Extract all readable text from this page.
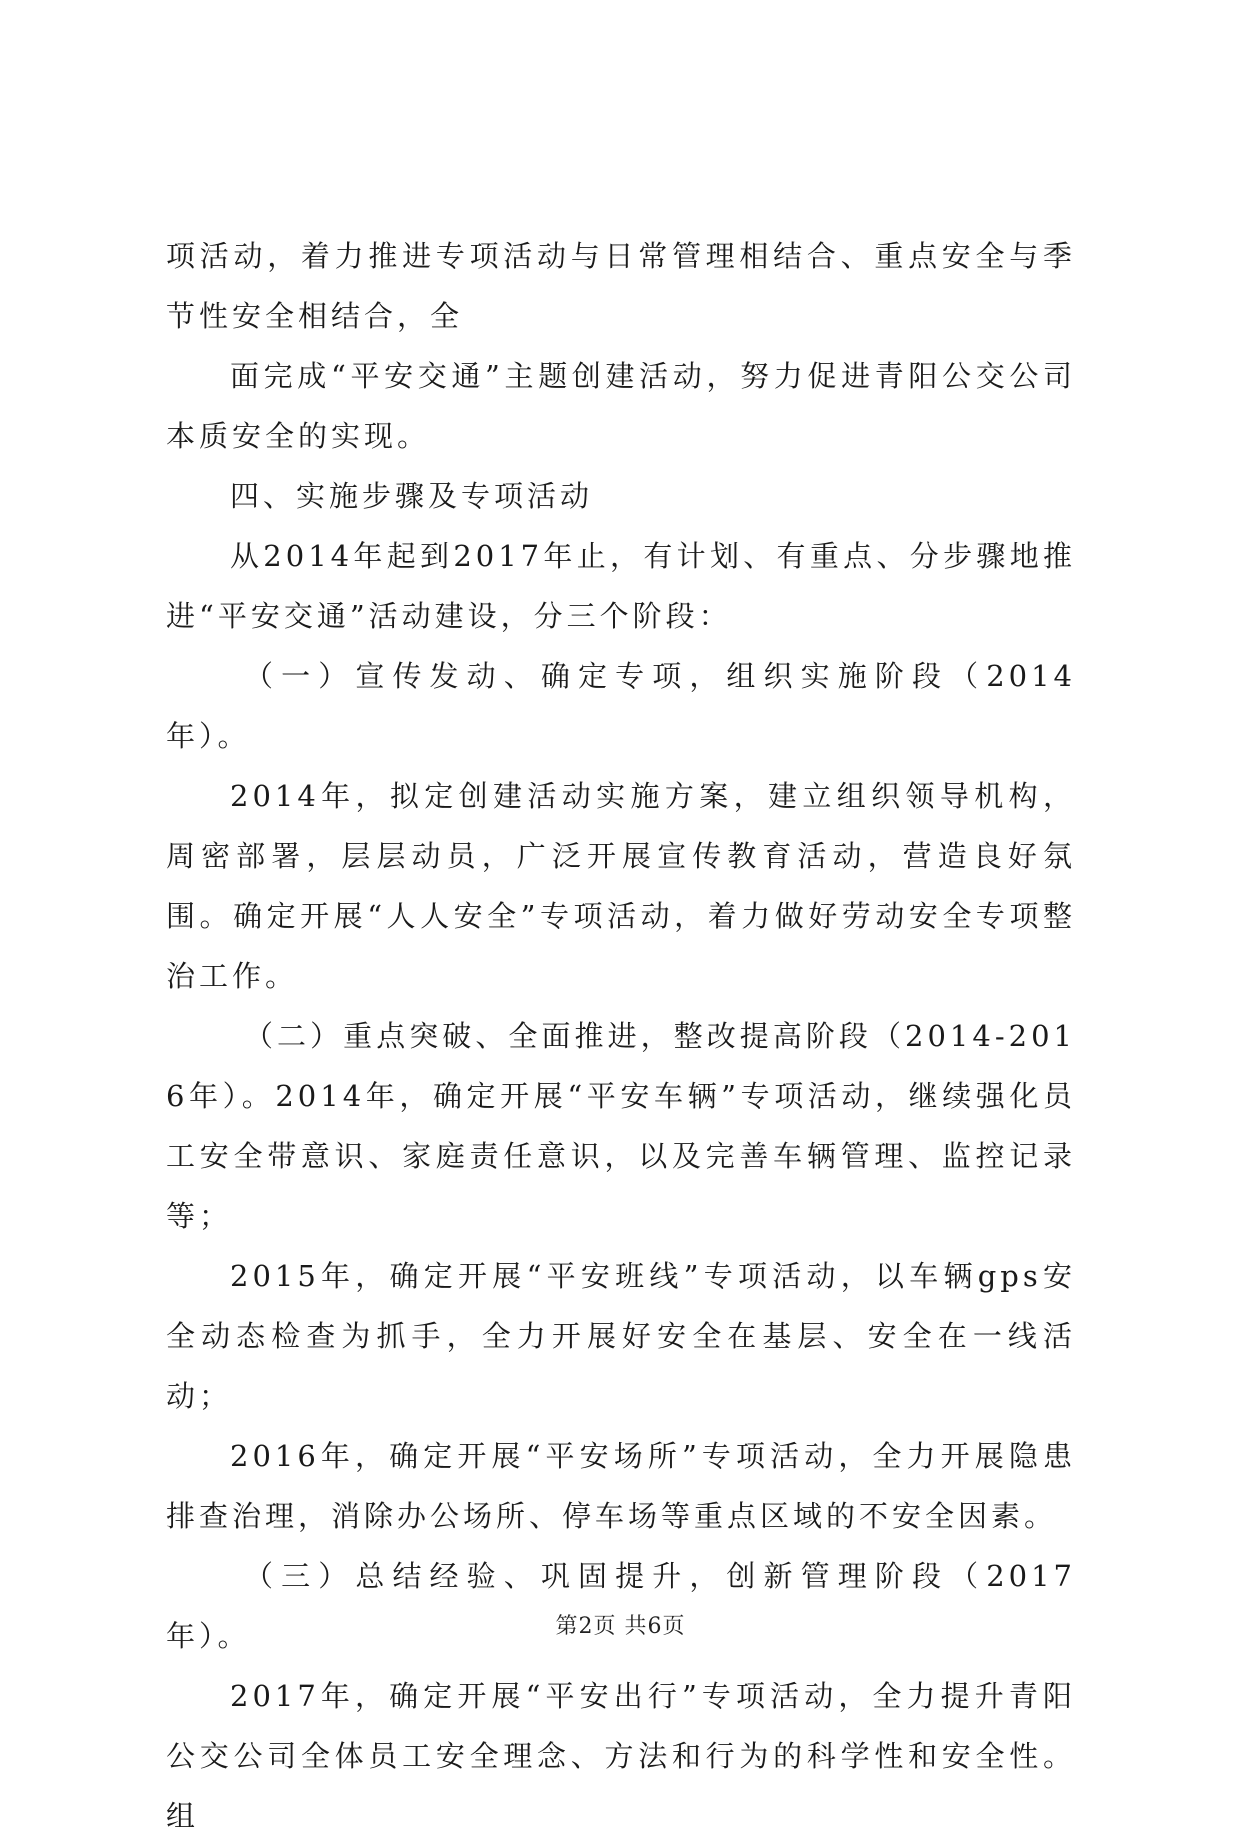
项活动，着力推进专项活动与日常管理相结合、重点安全与季节性安全相结合，全

面完成“平安交通”主题创建活动，努力促进青阳公交公司本质安全的实现。

四、实施步骤及专项活动

从2014年起到2017年止，有计划、有重点、分步骤地推进“平安交通”活动建设，分三个阶段：

（一）宣传发动、确定专项，组织实施阶段（2014年）。

2014年，拟定创建活动实施方案，建立组织领导机构，周密部署，层层动员，广泛开展宣传教育活动，营造良好氛围。确定开展“人人安全”专项活动，着力做好劳动安全专项整治工作。

（二）重点突破、全面推进，整改提高阶段（2014-2016年）。2014年，确定开展“平安车辆”专项活动，继续强化员工安全带意识、家庭责任意识，以及完善车辆管理、监控记录等；

2015年，确定开展“平安班线”专项活动，以车辆gps安全动态检查为抓手，全力开展好安全在基层、安全在一线活动；

2016年，确定开展“平安场所”专项活动，全力开展隐患排查治理，消除办公场所、停车场等重点区域的不安全因素。

（三）总结经验、巩固提升，创新管理阶段（2017年）。

2017年，确定开展“平安出行”专项活动，全力提升青阳公交公司全体员工安全理念、方法和行为的科学性和安全性。组

第2页 共6页
